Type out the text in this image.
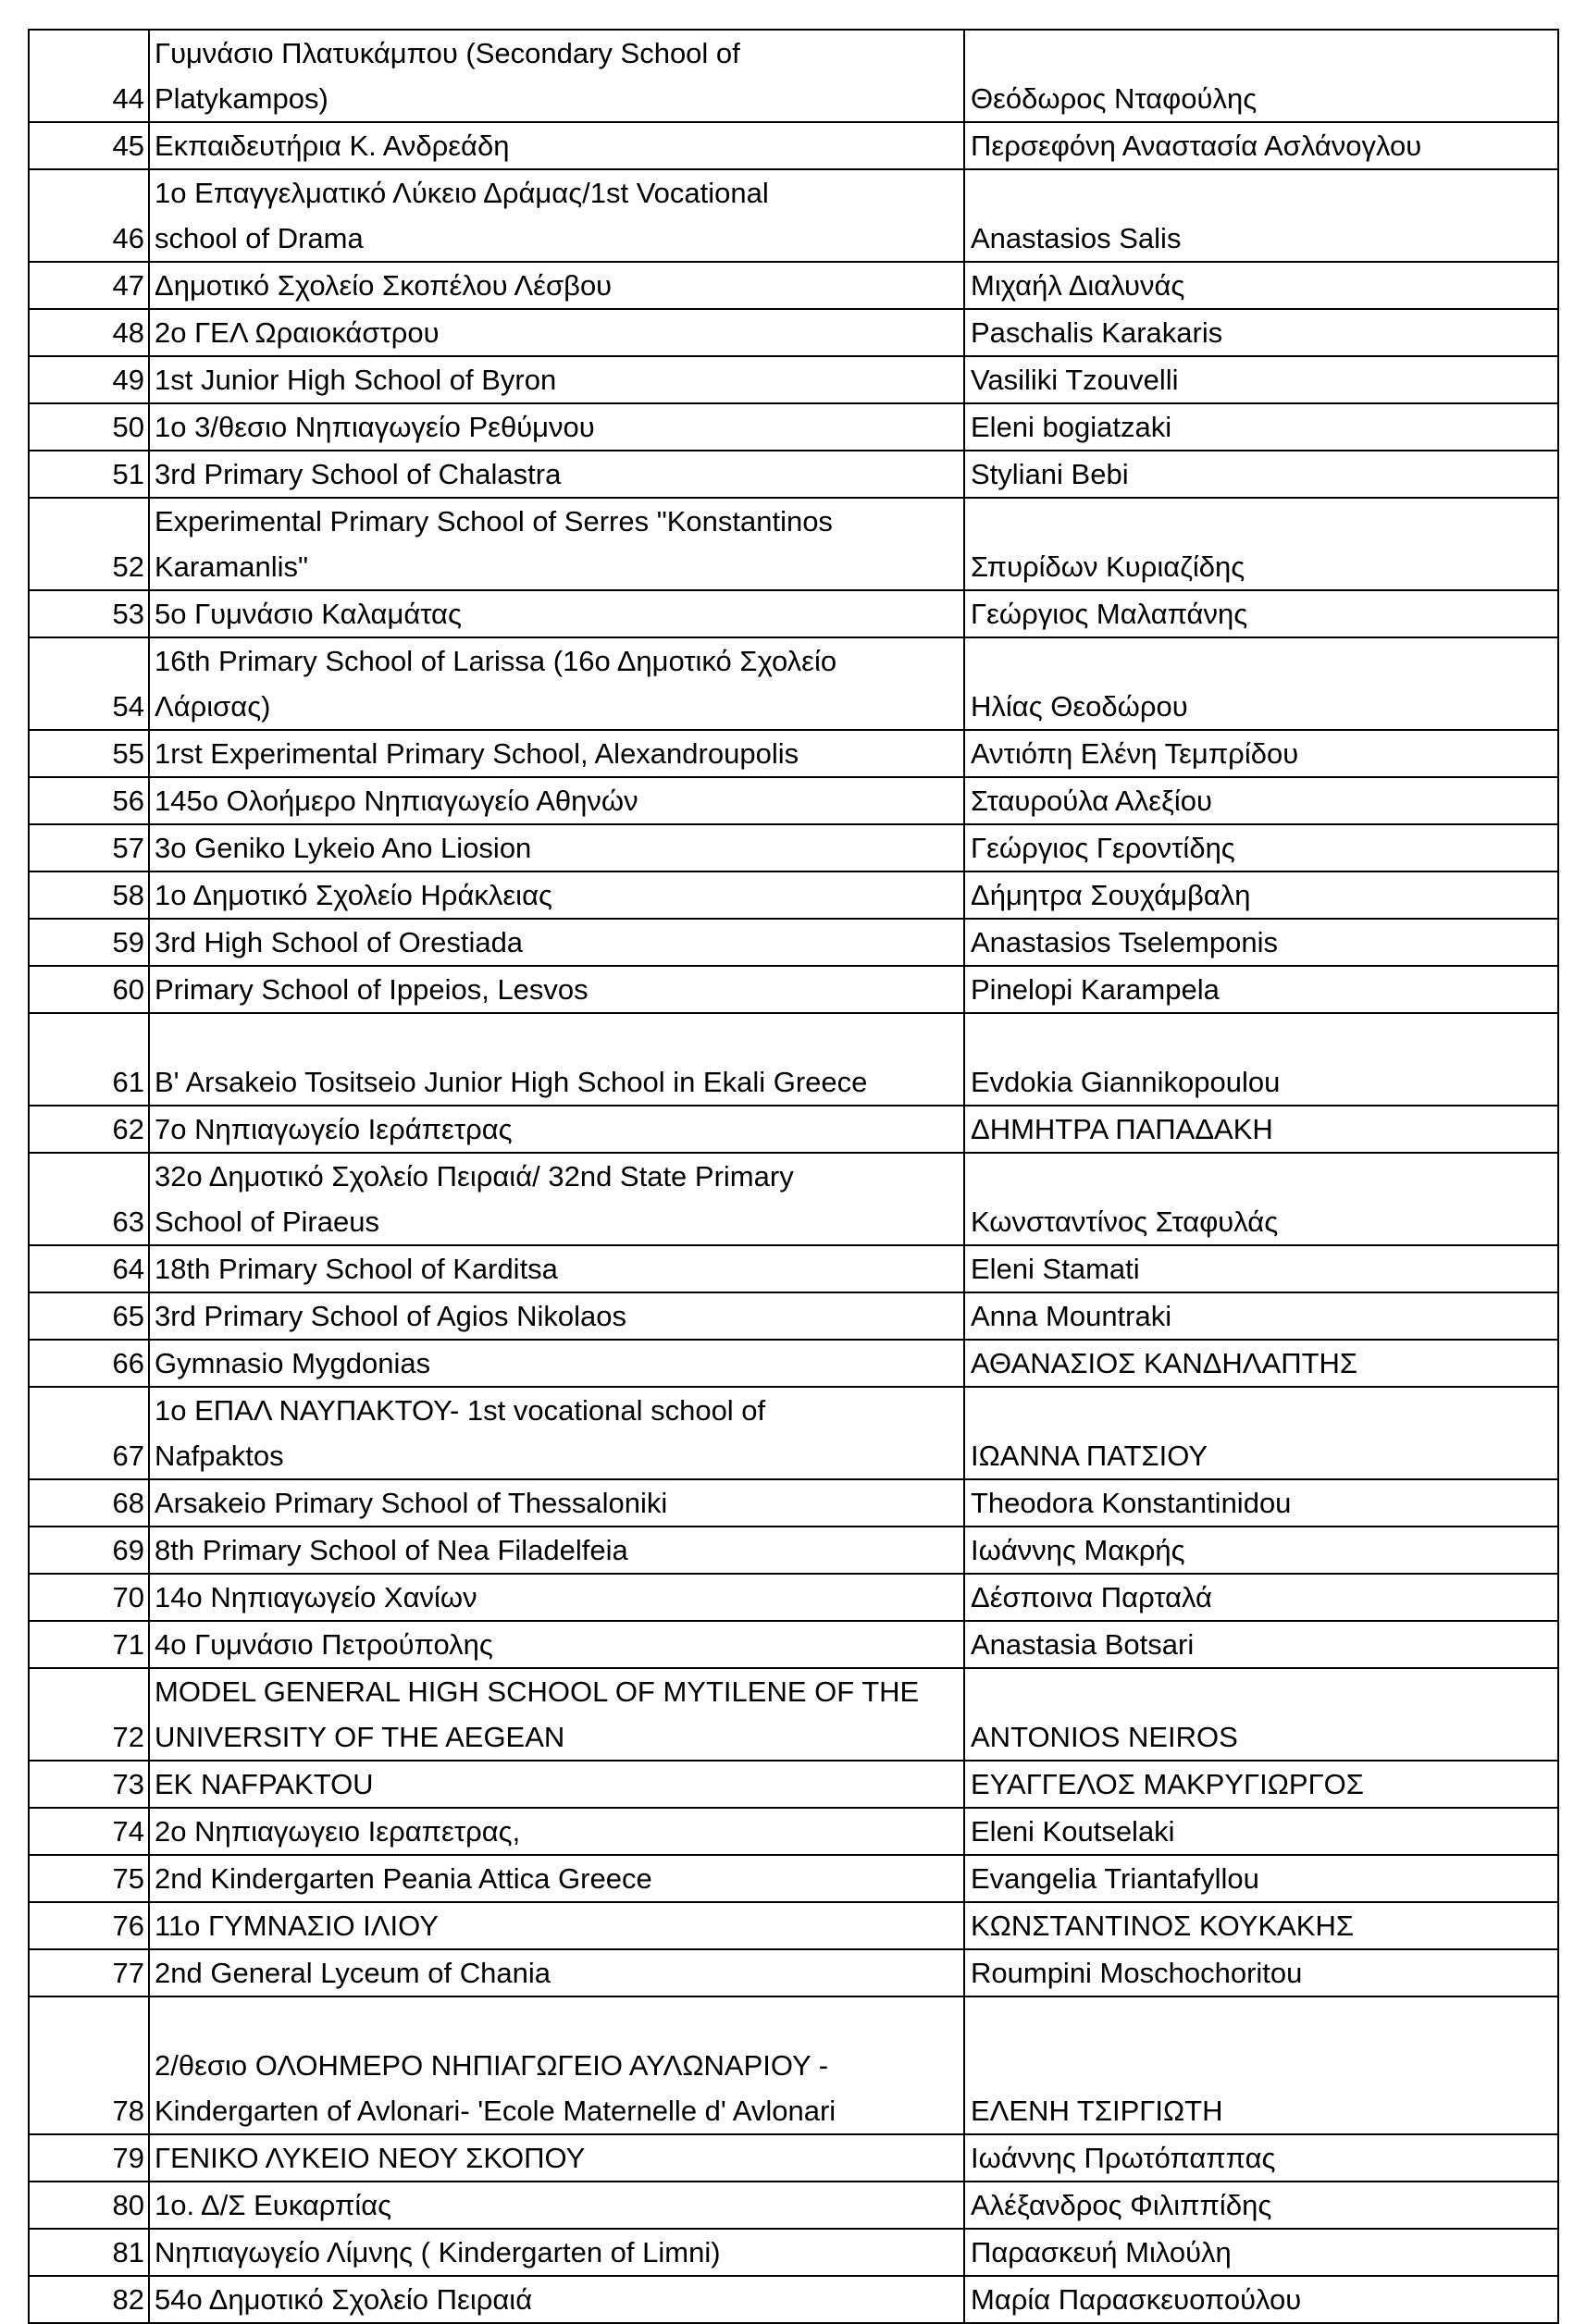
44	Γυμνάσιο Πλατυκάμπου (Secondary School of
Platykampos)	Θεόδωρος Νταφούλης
45	Εκπαιδευτήρια Κ. Ανδρεάδη	Περσεφόνη Αναστασία Ασλάνογλου
46	1ο Επαγγελματικό Λύκειο Δράμας/1st Vocational
school of Drama	Anastasios Salis
47	Δημοτικό Σχολείο Σκοπέλου Λέσβου	Μιχαήλ Διαλυνάς
48	2ο ΓΕΛ Ωραιοκάστρου	Paschalis Karakaris
49	1st Junior High School of Byron	Vasiliki Tzouvelli
50	1ο 3/θεσιο Νηπιαγωγείο Ρεθύμνου	Eleni bogiatzaki
51	3rd Primary School of Chalastra	Styliani Bebi
52	Experimental Primary School of Serres "Konstantinos
Karamanlis"	Σπυρίδων Κυριαζίδης
53	5ο Γυμνάσιο Καλαμάτας	Γεώργιος Μαλαπάνης
54	16th Primary School of Larissa (16ο Δημοτικό Σχολείο
Λάρισας)	Ηλίας Θεοδώρου
55	1rst Experimental Primary School, Alexandroupolis	Αντιόπη Ελένη Τεμπρίδου
56	145ο Ολοήμερο Νηπιαγωγείο Αθηνών	Σταυρούλα Αλεξίου
57	3ο Geniko Lykeio Ano Liosion	Γεώργιος Γεροντίδης
58	1ο Δημοτικό Σχολείο Ηράκλειας	Δήμητρα Σουχάμβαλη
59	3rd High School of Orestiada	Anastasios Tselemponis
60	Primary School of Ippeios, Lesvos	Pinelopi Karampela
61	B' Arsakeio Tositseio Junior High School in Ekali Greece	Evdokia Giannikopoulou
62	7ο Νηπιαγωγείο Ιεράπετρας	ΔΗΜΗΤΡΑ ΠΑΠΑΔΑΚΗ
63	32ο Δημοτικό Σχολείο Πειραιά/ 32nd State Primary
School of Piraeus	Κωνσταντίνος Σταφυλάς
64	18th Primary School of Karditsa	Eleni Stamati
65	3rd Primary School of Agios Nikolaos	Anna Mountraki
66	Gymnasio Mygdonias	ΑΘΑΝΑΣΙΟΣ ΚΑΝΔΗΛΑΠΤΗΣ
67	1ο ΕΠΑΛ ΝΑΥΠΑΚΤΟΥ- 1st vocational school of
Nafpaktos	ΙΩΑΝΝΑ ΠΑΤΣΙΟΥ
68	Arsakeio Primary School of Thessaloniki	Theodora Konstantinidou
69	8th Primary School of Nea Filadelfeia	Ιωάννης Μακρής
70	14ο Νηπιαγωγείο Χανίων	Δέσποινα Παρταλά
71	4ο Γυμνάσιο Πετρούπολης	Anastasia Botsari
72	MODEL GENERAL HIGH SCHOOL OF MYTILENE OF THE
UNIVERSITY OF THE AEGEAN	ANTONIOS NEIROS
73	ΕΚ ΝΑFΡΑΚΤΟU	ΕΥΑΓΓΕΛΟΣ ΜΑΚΡΥΓΙΩΡΓΟΣ
74	2ο Νηπιαγωγειο Ιεραπετρας,	Eleni Koutselaki
75	2nd Kindergarten Peania Attica Greece	Evangelia Triantafyllou
76	11ο ΓΥΜΝΑΣΙΟ ΙΛΙΟΥ	ΚΩΝΣΤΑΝΤΙΝΟΣ ΚΟΥΚΑΚΗΣ
77	2nd General Lyceum of Chania	Roumpini Moschochoritou
78	2/θεσιο ΟΛΟΗΜΕΡΟ ΝΗΠΙΑΓΩΓΕΙΟ ΑΥΛΩΝΑΡΙΟΥ -
Kindergarten of Avlonari- 'Ecole Maternelle d' Avlonari	ΕΛΕΝΗ ΤΣΙΡΓΙΩΤΗ
79	ΓΕΝΙΚΟ ΛΥΚΕΙΟ ΝΕΟΥ ΣΚΟΠΟΥ	Ιωάννης Πρωτόπαππας
80	1ο. Δ/Σ Ευκαρπίας	Αλέξανδρος Φιλιππίδης
81	Νηπιαγωγείο Λίμνης ( Kindergarten of Limni)	Παρασκευή Μιλούλη
82	54ο Δημοτικό Σχολείο Πειραιά	Μαρία Παρασκευοπούλου
